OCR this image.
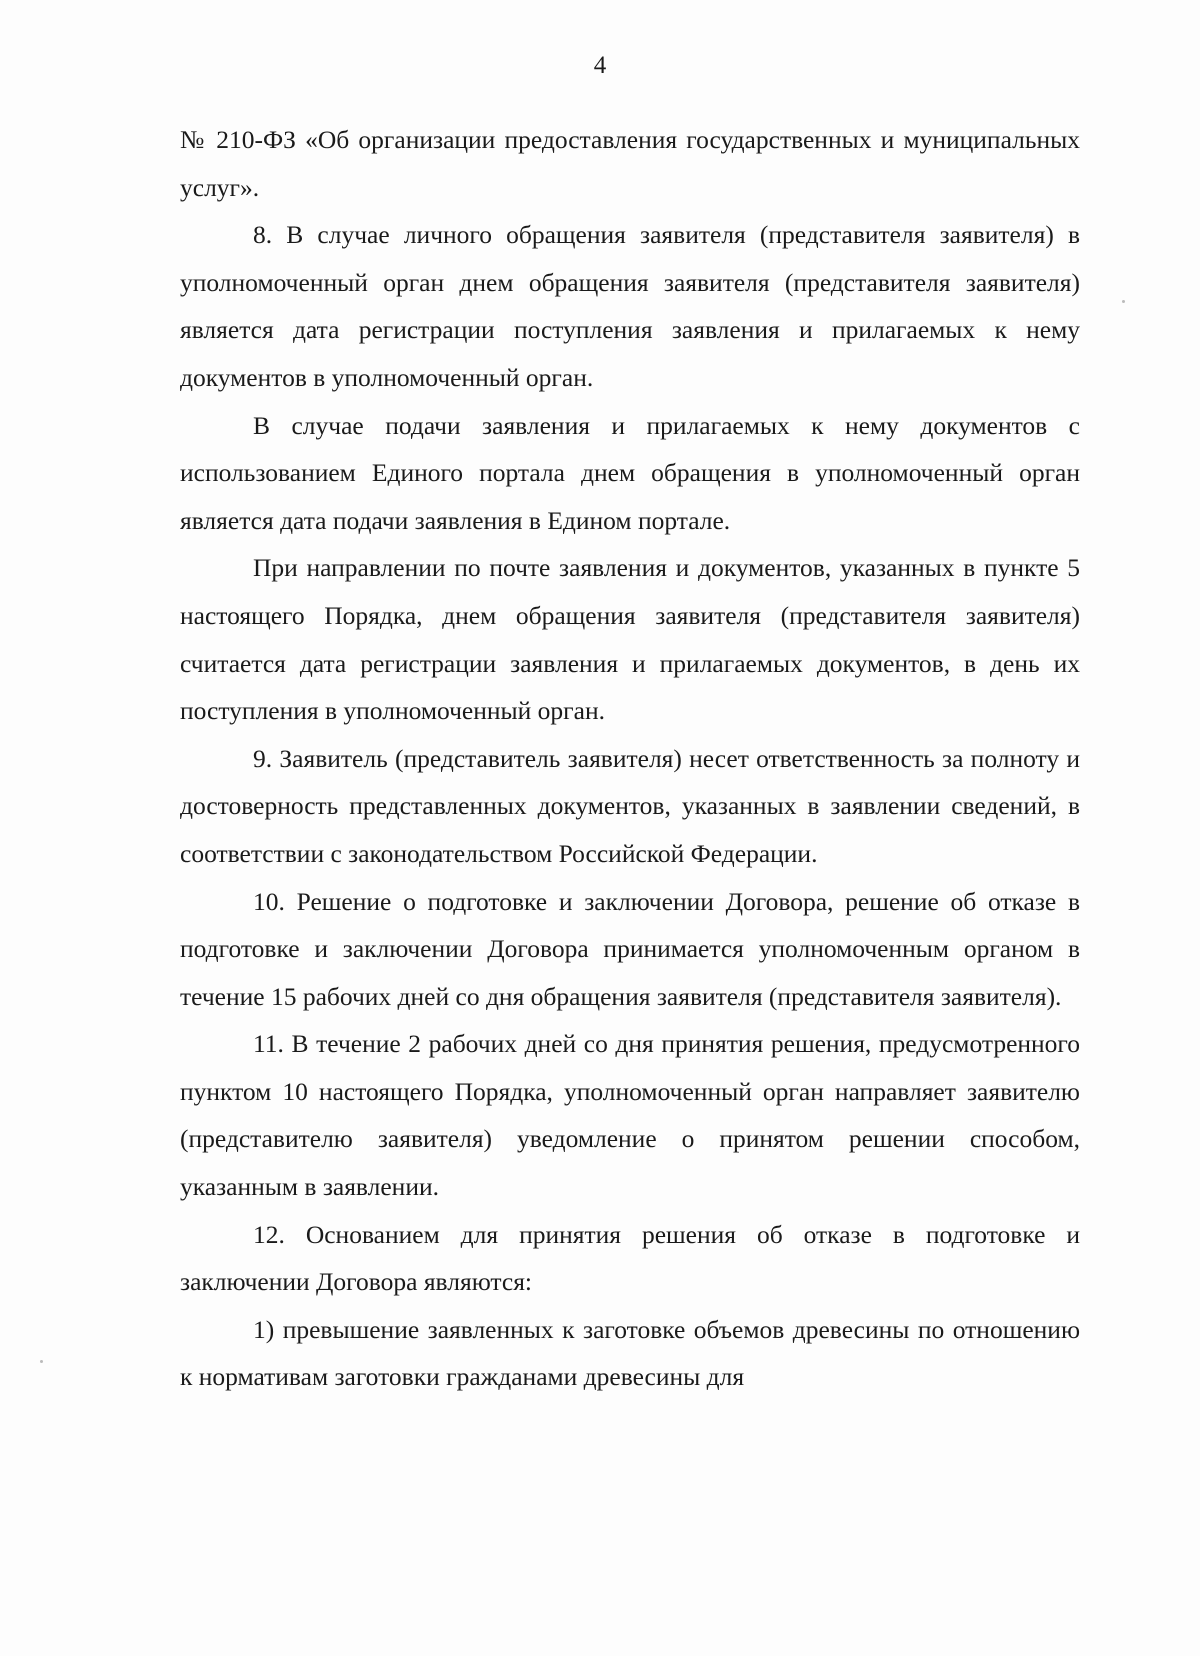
4

№ 210-ФЗ «Об организации предоставления государственных и муниципальных услуг».

8. В случае личного обращения заявителя (представителя заявителя) в уполномоченный орган днем обращения заявителя (представителя заявителя) является дата регистрации поступления заявления и прилагаемых к нему документов в уполномоченный орган.

В случае подачи заявления и прилагаемых к нему документов с использованием Единого портала днем обращения в уполномоченный орган является дата подачи заявления в Едином портале.

При направлении по почте заявления и документов, указанных в пункте 5 настоящего Порядка, днем обращения заявителя (представителя заявителя) считается дата регистрации заявления и прилагаемых документов, в день их поступления в уполномоченный орган.

9. Заявитель (представитель заявителя) несет ответственность за полноту и достоверность представленных документов, указанных в заявлении сведений, в соответствии с законодательством Российской Федерации.

10. Решение о подготовке и заключении Договора, решение об отказе в подготовке и заключении Договора принимается уполномоченным органом в течение 15 рабочих дней со дня обращения заявителя (представителя заявителя).

11. В течение 2 рабочих дней со дня принятия решения, предусмотренного пунктом 10 настоящего Порядка, уполномоченный орган направляет заявителю (представителю заявителя) уведомление о принятом решении способом, указанным в заявлении.

12. Основанием для принятия решения об отказе в подготовке и заключении Договора являются:

1) превышение заявленных к заготовке объемов древесины по отношению к нормативам заготовки гражданами древесины для
